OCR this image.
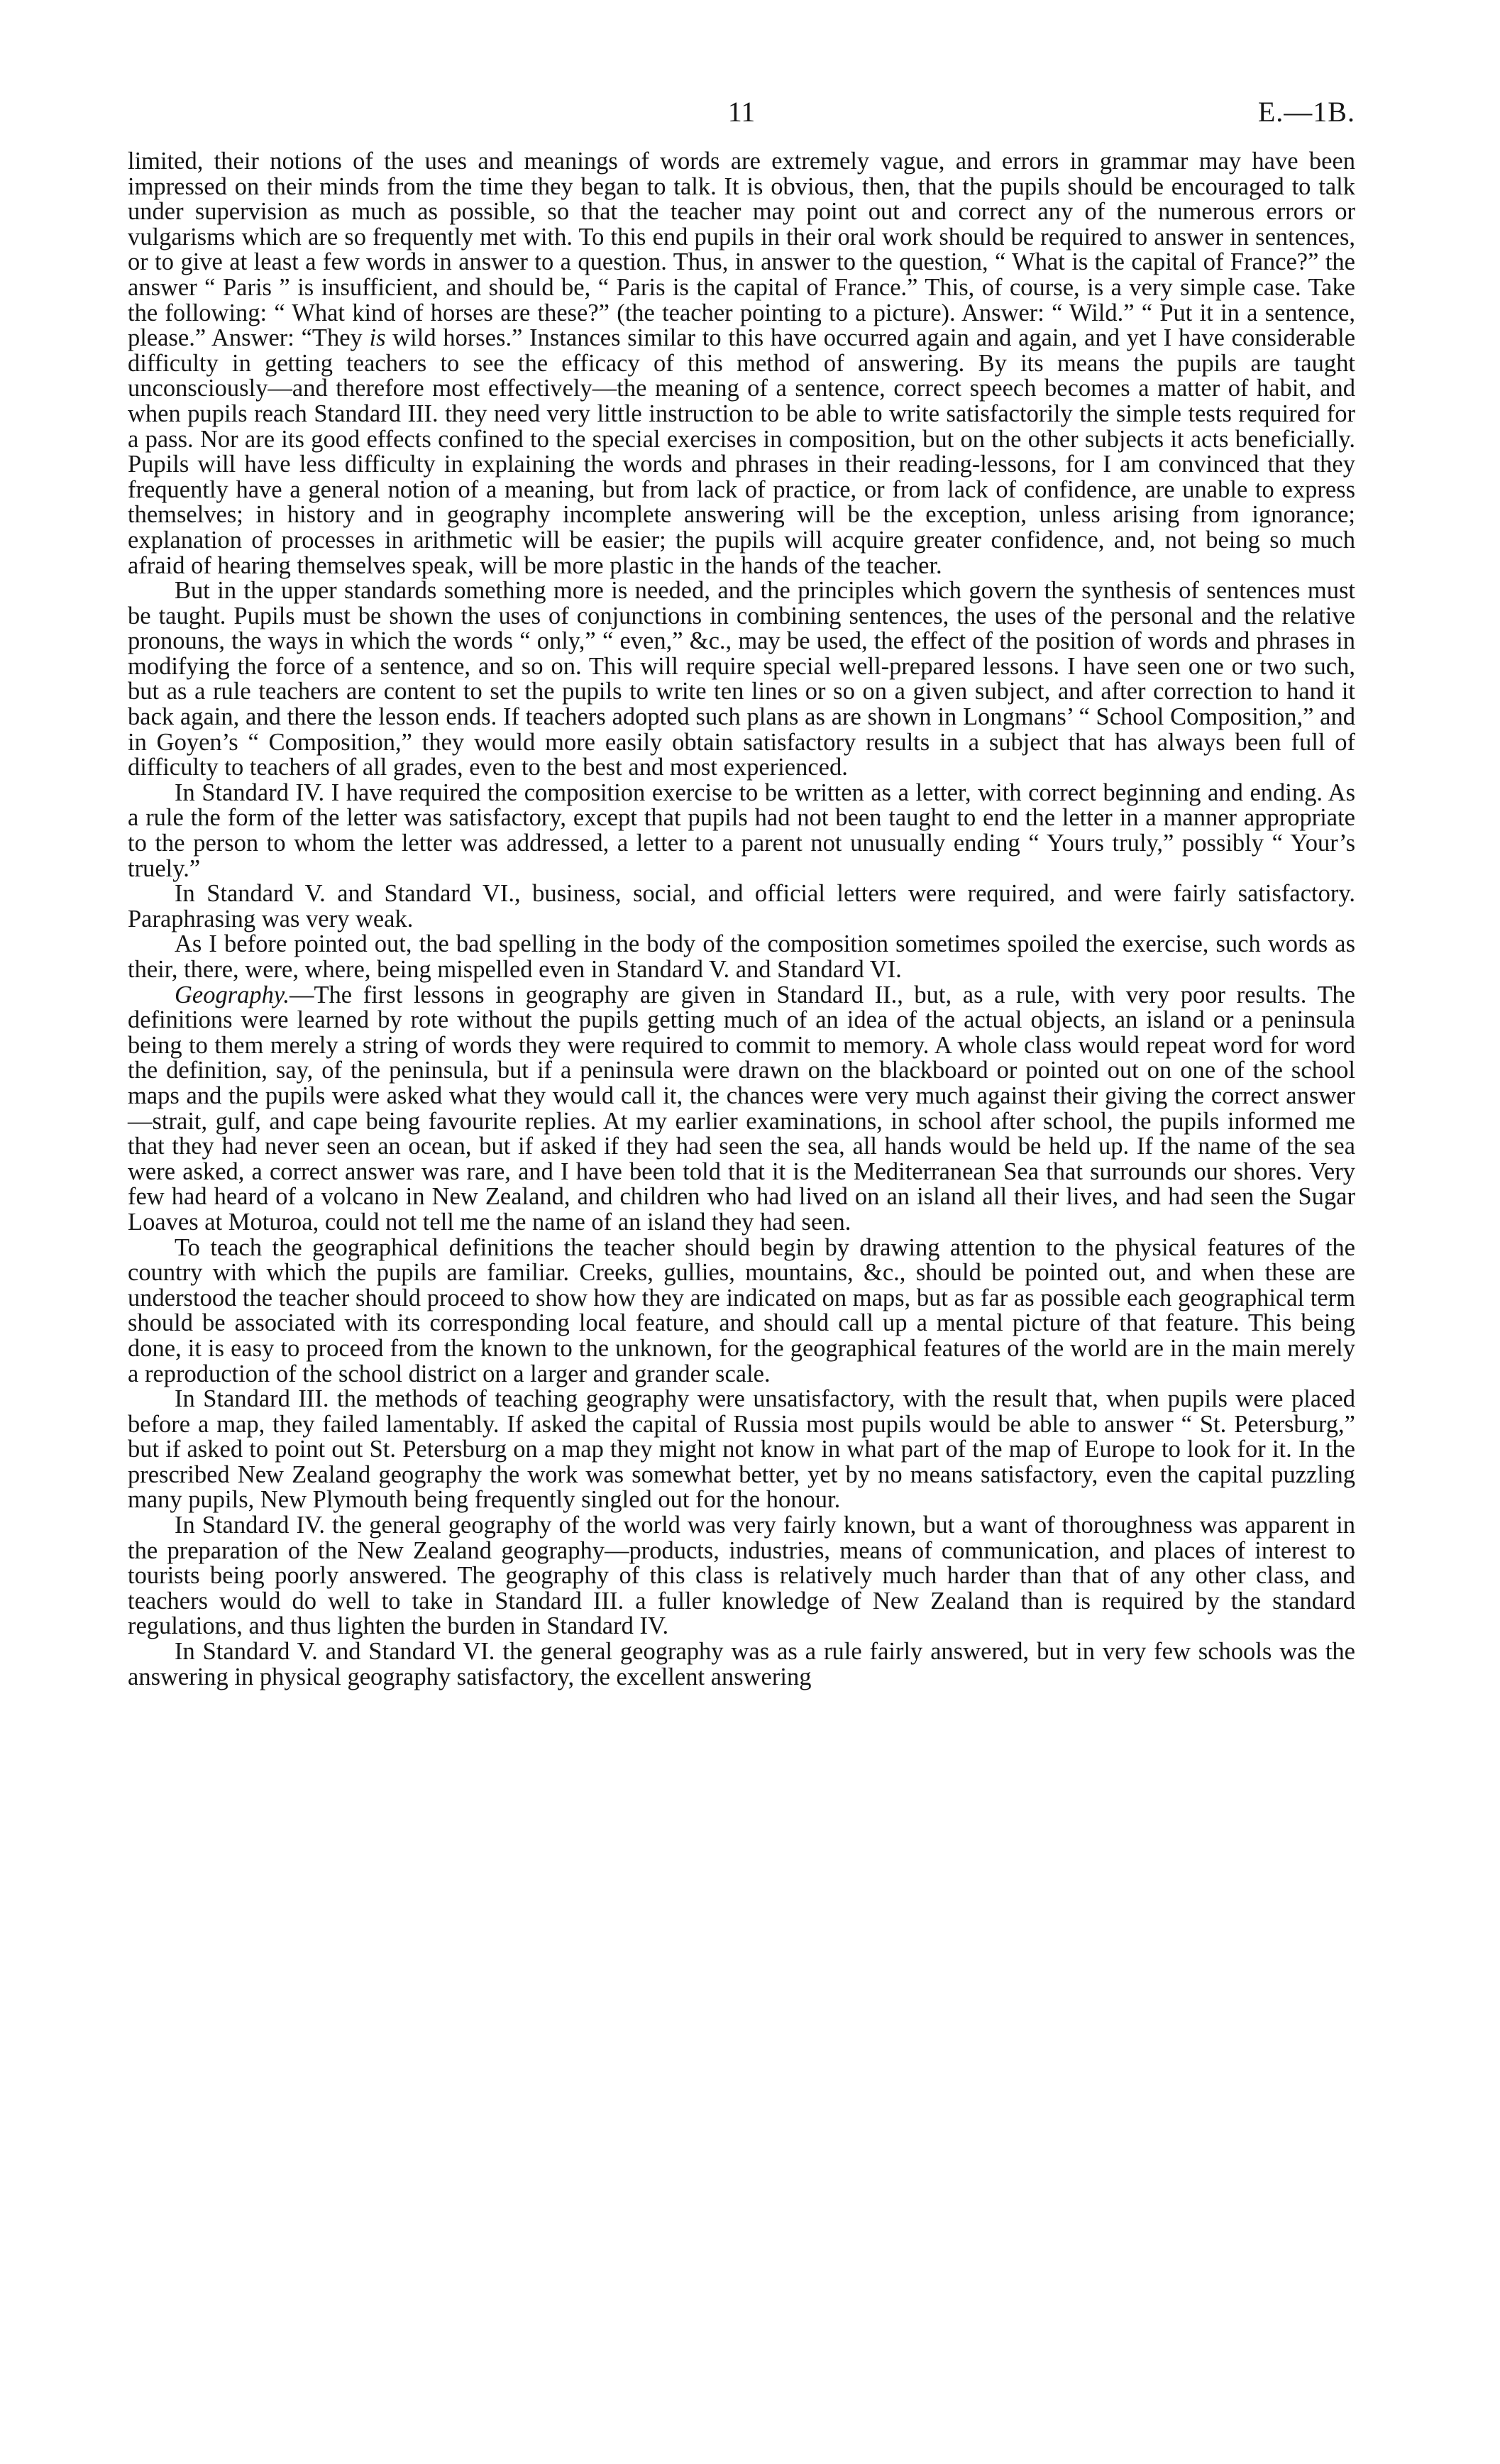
11	E.—1B.

limited, their notions of the uses and meanings of words are extremely vague, and errors in grammar may have been impressed on their minds from the time they began to talk. It is obvious, then, that the pupils should be encouraged to talk under supervision as much as possible, so that the teacher may point out and correct any of the numerous errors or vulgarisms which are so frequently met with. To this end pupils in their oral work should be required to answer in sentences, or to give at least a few words in answer to a question. Thus, in answer to the question, “ What is the capital of France?” the answer “ Paris ” is insufficient, and should be, “ Paris is the capital of France.” This, of course, is a very simple case. Take the following: “ What kind of horses are these?” (the teacher pointing to a picture). Answer: “ Wild.” “ Put it in a sentence, please.” Answer: “They is wild horses.” Instances similar to this have occurred again and again, and yet I have considerable difficulty in getting teachers to see the efficacy of this method of answering. By its means the pupils are taught unconsciously—and therefore most effectively—the meaning of a sentence, correct speech becomes a matter of habit, and when pupils reach Standard III. they need very little instruction to be able to write satisfactorily the simple tests required for a pass. Nor are its good effects confined to the special exercises in composition, but on the other subjects it acts beneficially. Pupils will have less difficulty in explaining the words and phrases in their reading-lessons, for I am convinced that they frequently have a general notion of a meaning, but from lack of practice, or from lack of confidence, are unable to express themselves; in history and in geography incomplete answering will be the exception, unless arising from ignorance; explanation of processes in arithmetic will be easier; the pupils will acquire greater confidence, and, not being so much afraid of hearing themselves speak, will be more plastic in the hands of the teacher.

But in the upper standards something more is needed, and the principles which govern the synthesis of sentences must be taught. Pupils must be shown the uses of conjunctions in combining sentences, the uses of the personal and the relative pronouns, the ways in which the words “ only,” “ even,” &c., may be used, the effect of the position of words and phrases in modifying the force of a sentence, and so on. This will require special well-prepared lessons. I have seen one or two such, but as a rule teachers are content to set the pupils to write ten lines or so on a given subject, and after correction to hand it back again, and there the lesson ends. If teachers adopted such plans as are shown in Longmans’ “ School Composition,” and in Goyen’s “ Composition,” they would more easily obtain satisfactory results in a subject that has always been full of difficulty to teachers of all grades, even to the best and most experienced.

In Standard IV. I have required the composition exercise to be written as a letter, with correct beginning and ending. As a rule the form of the letter was satisfactory, except that pupils had not been taught to end the letter in a manner appropriate to the person to whom the letter was addressed, a letter to a parent not unusually ending “ Yours truly,” possibly “ Your’s truely.”

In Standard V. and Standard VI., business, social, and official letters were required, and were fairly satisfactory. Paraphrasing was very weak.

As I before pointed out, the bad spelling in the body of the composition sometimes spoiled the exercise, such words as their, there, were, where, being mispelled even in Standard V. and Standard VI.

Geography.—The first lessons in geography are given in Standard II., but, as a rule, with very poor results. The definitions were learned by rote without the pupils getting much of an idea of the actual objects, an island or a peninsula being to them merely a string of words they were required to commit to memory. A whole class would repeat word for word the definition, say, of the peninsula, but if a peninsula were drawn on the blackboard or pointed out on one of the school maps and the pupils were asked what they would call it, the chances were very much against their giving the correct answer—strait, gulf, and cape being favourite replies. At my earlier examinations, in school after school, the pupils informed me that they had never seen an ocean, but if asked if they had seen the sea, all hands would be held up. If the name of the sea were asked, a correct answer was rare, and I have been told that it is the Mediterranean Sea that surrounds our shores. Very few had heard of a volcano in New Zealand, and children who had lived on an island all their lives, and had seen the Sugar Loaves at Moturoa, could not tell me the name of an island they had seen.

To teach the geographical definitions the teacher should begin by drawing attention to the physical features of the country with which the pupils are familiar. Creeks, gullies, mountains, &c., should be pointed out, and when these are understood the teacher should proceed to show how they are indicated on maps, but as far as possible each geographical term should be associated with its corresponding local feature, and should call up a mental picture of that feature. This being done, it is easy to proceed from the known to the unknown, for the geographical features of the world are in the main merely a reproduction of the school district on a larger and grander scale.

In Standard III. the methods of teaching geography were unsatisfactory, with the result that, when pupils were placed before a map, they failed lamentably. If asked the capital of Russia most pupils would be able to answer “ St. Petersburg,” but if asked to point out St. Petersburg on a map they might not know in what part of the map of Europe to look for it. In the prescribed New Zealand geography the work was somewhat better, yet by no means satisfactory, even the capital puzzling many pupils, New Plymouth being frequently singled out for the honour.

In Standard IV. the general geography of the world was very fairly known, but a want of thoroughness was apparent in the preparation of the New Zealand geography—products, industries, means of communication, and places of interest to tourists being poorly answered. The geography of this class is relatively much harder than that of any other class, and teachers would do well to take in Standard III. a fuller knowledge of New Zealand than is required by the standard regulations, and thus lighten the burden in Standard IV.

In Standard V. and Standard VI. the general geography was as a rule fairly answered, but in very few schools was the answering in physical geography satisfactory, the excellent answering
